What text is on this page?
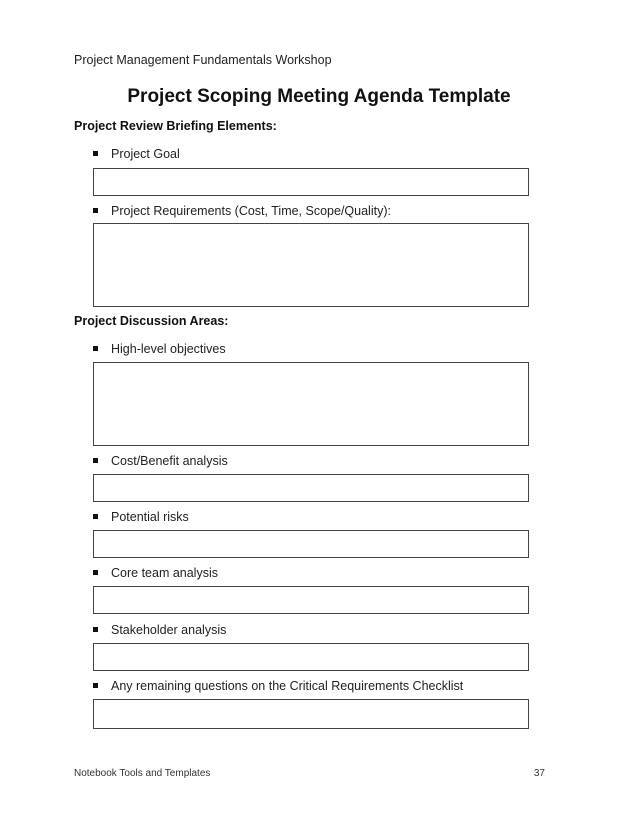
Project Management Fundamentals Workshop
Project Scoping Meeting Agenda Template
Project Review Briefing Elements:
Project Goal
Project Requirements (Cost, Time, Scope/Quality):
Project Discussion Areas:
High-level objectives
Cost/Benefit analysis
Potential risks
Core team analysis
Stakeholder analysis
Any remaining questions on the Critical Requirements Checklist
Notebook Tools and Templates	37
